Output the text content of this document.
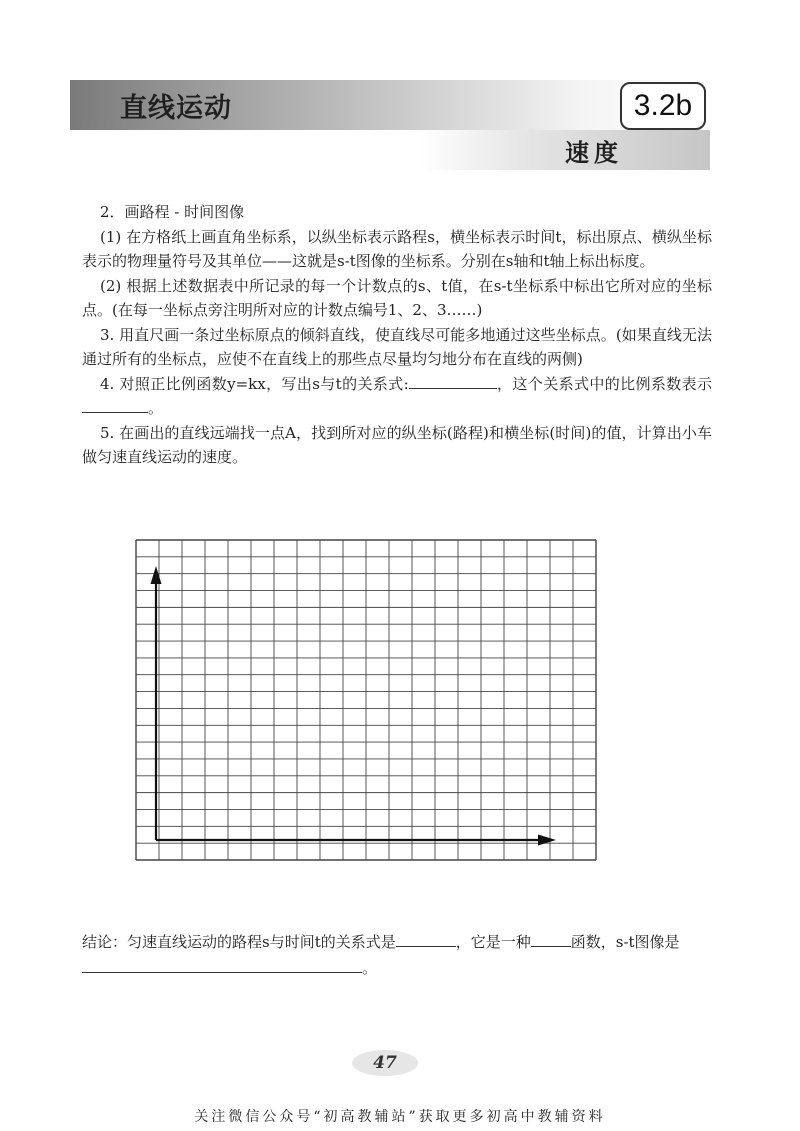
直线运动	3.2b
速度

2．画路程 - 时间图像

(1) 在方格纸上画直角坐标系，以纵坐标表示路程s，横坐标表示时间t，标出原点、横纵坐标表示的物理量符号及其单位——这就是s-t图像的坐标系。分别在s轴和t轴上标出标度。

(2) 根据上述数据表中所记录的每一个计数点的s、t值，在s-t坐标系中标出它所对应的坐标点。(在每一坐标点旁注明所对应的计数点编号1、2、3……)

3. 用直尺画一条过坐标原点的倾斜直线，使直线尽可能多地通过这些坐标点。(如果直线无法通过所有的坐标点，应使不在直线上的那些点尽量均匀地分布在直线的两侧)

4. 对照正比例函数y=kx，写出s与t的关系式:	，这个关系式中的比例系数表示。

5. 在画出的直线远端找一点A，找到所对应的纵坐标(路程)和横坐标(时间)的值，计算出小车做匀速直线运动的速度。

结论：匀速直线运动的路程s与时间t的关系式是	，它是一种	函数，s-t图像是。

47
关注微信公众号“初高教辅站”获取更多初高中教辅资料
